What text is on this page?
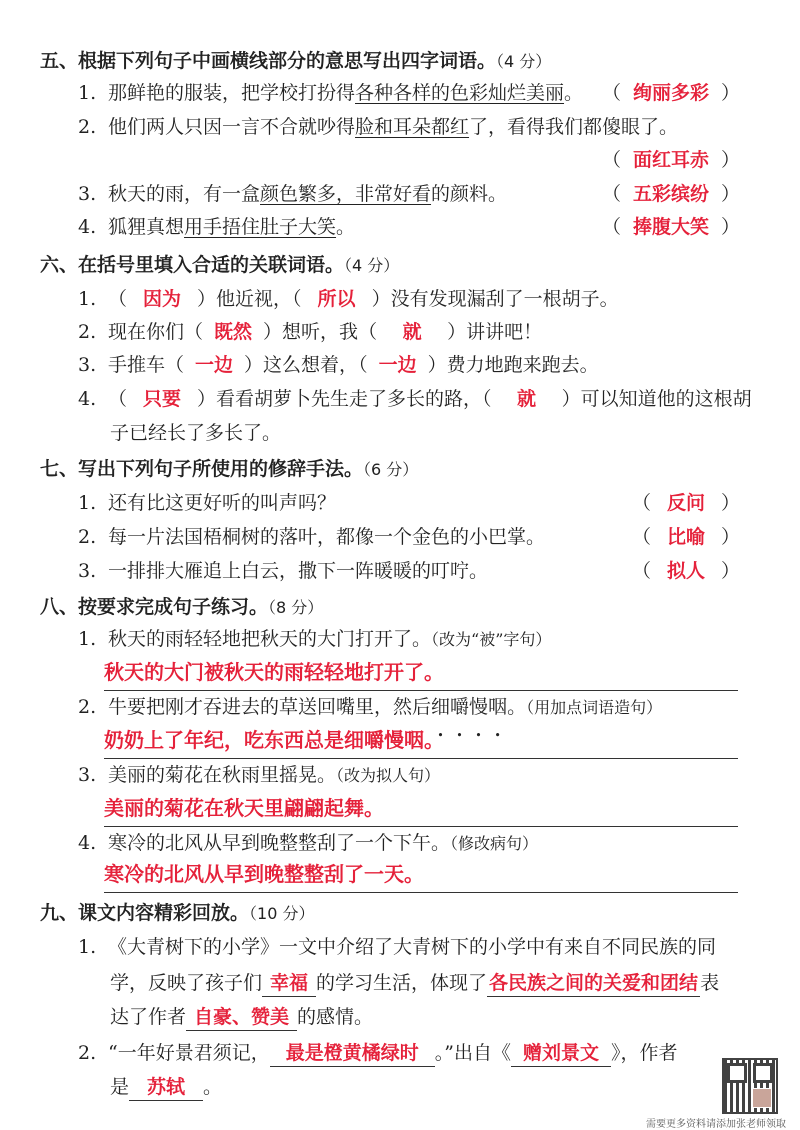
五、根据下列句子中画横线部分的意思写出四字词语。（4 分）
1. 那鲜艳的服装，把学校打扮得各种各样的色彩灿烂美丽。 （ 绚丽多彩 ）
2. 他们两人只因一言不合就吵得脸和耳朵都红了，看得我们都傻眼了。
（ 面红耳赤 ）
3. 秋天的雨，有一盒颜色繁多，非常好看的颜料。	（ 五彩缤纷 ）
4. 狐狸真想用手捂住肚子大笑。	（ 捧腹大笑 ）
六、在括号里填入合适的关联词语。（4 分）
1. （ 因为 ）他近视，（ 所以 ）没有发现漏刮了一根胡子。
2. 现在你们（ 既然 ）想听，我（ 就 ）讲讲吧！
3. 手推车（ 一边 ）这么想着，（ 一边 ）费力地跑来跑去。
4. （ 只要 ）看看胡萝卜先生走了多长的路，（ 就 ）可以知道他的这根胡
子已经长了多长了。
七、写出下列句子所使用的修辞手法。（6 分）
1. 还有比这更好听的叫声吗？	（ 反问 ）
2. 每一片法国梧桐树的落叶，都像一个金色的小巴掌。	（ 比喻 ）
3. 一排排大雁追上白云，撒下一阵暖暖的叮咛。	（ 拟人 ）
八、按要求完成句子练习。（8 分）
1. 秋天的雨轻轻地把秋天的大门打开了。（改为“被”字句）
秋天的大门被秋天的雨轻轻地打开了。
2. 牛要把刚才吞进去的草送回嘴里，然后细嚼慢咽。（用加点词语造句）
奶奶上了年纪，吃东西总是细嚼慢咽。
3. 美丽的菊花在秋雨里摇晃。（改为拟人句）
美丽的菊花在秋天里翩翩起舞。
4. 寒冷的北风从早到晚整整刮了一个下午。（修改病句）
寒冷的北风从早到晚整整刮了一天。
九、课文内容精彩回放。（10 分）
1. 《大青树下的小学》一文中介绍了大青树下的小学中有来自不同民族的同
学，反映了孩子们 幸福 的学习生活，体现了 各民族之间的关爱和团结 表
达了作者 自豪、赞美 的感情。
2. “一年好景君须记， 最是橙黄橘绿时 。”出自《 赠刘景文 》，作者
是 苏轼 。
需要更多资料请添加张老师领取
